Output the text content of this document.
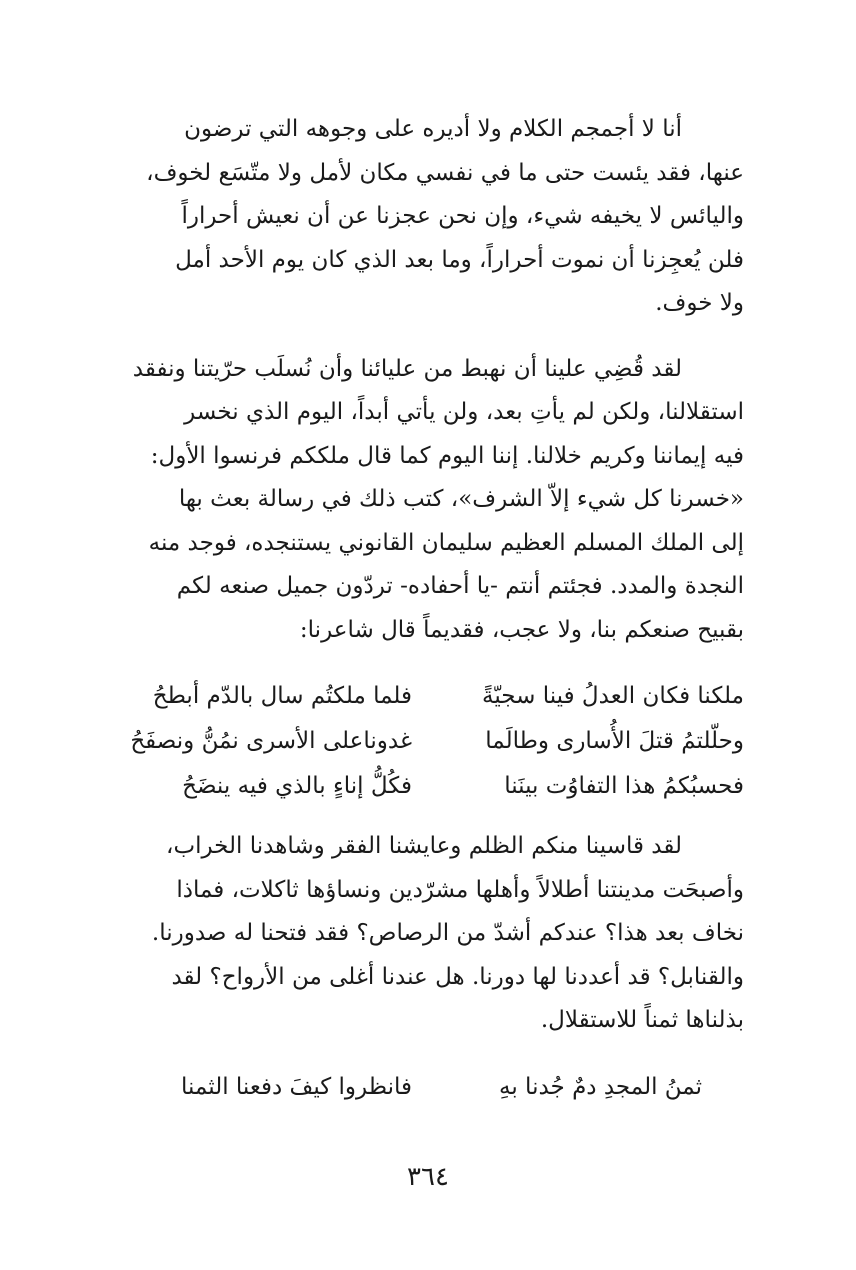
أنا لا أجمجم الكلام ولا أديره على وجوهه التي ترضون
عنها، فقد يئست حتى ما في نفسي مكان لأمل ولا متّسَع لخوف،
واليائس لا يخيفه شيء، وإن نحن عجزنا عن أن نعيش أحراراً
فلن يُعجِزنا أن نموت أحراراً، وما بعد الذي كان يوم الأحد أمل
ولا خوف.

لقد قُضِي علينا أن نهبط من عليائنا وأن نُسلَب حرّيتنا ونفقد
استقلالنا، ولكن لم يأتِ بعد، ولن يأتي أبداً، اليوم الذي نخسر
فيه إيماننا وكريم خلالنا. إننا اليوم كما قال ملككم فرنسوا الأول:
«خسرنا كل شيء إلاّ الشرف»، كتب ذلك في رسالة بعث بها
إلى الملك المسلم العظيم سليمان القانوني يستنجده، فوجد منه
النجدة والمدد. فجئتم أنتم -يا أحفاده- تردّون جميل صنعه لكم
بقبيح صنعكم بنا، ولا عجب، فقديماً قال شاعرنا:

ملكنا فكان العدلُ فينا سجيّةً
فلما ملكتُم سال بالدّم أبطحُ
وحلّلتمُ قتلَ الأُسارى وطالَما
غدوناعلى الأسرى نمُنُّ ونصفَحُ
فحسبُكمُ هذا التفاوُت بينَنا
فكُلُّ إناءٍ بالذي فيه ينضَحُ

لقد قاسينا منكم الظلم وعايشنا الفقر وشاهدنا الخراب،
وأصبحَت مدينتنا أطلالاً وأهلها مشرّدين ونساؤها ثاكلات، فماذا
نخاف بعد هذا؟ عندكم أشدّ من الرصاص؟ فقد فتحنا له صدورنا.
والقنابل؟ قد أعددنا لها دورنا. هل عندنا أغلى من الأرواح؟ لقد
بذلناها ثمناً للاستقلال.

ثمنُ المجدِ دمٌ جُدنا بهِ
فانظروا كيفَ دفعنا الثمنا
٣٦٤
